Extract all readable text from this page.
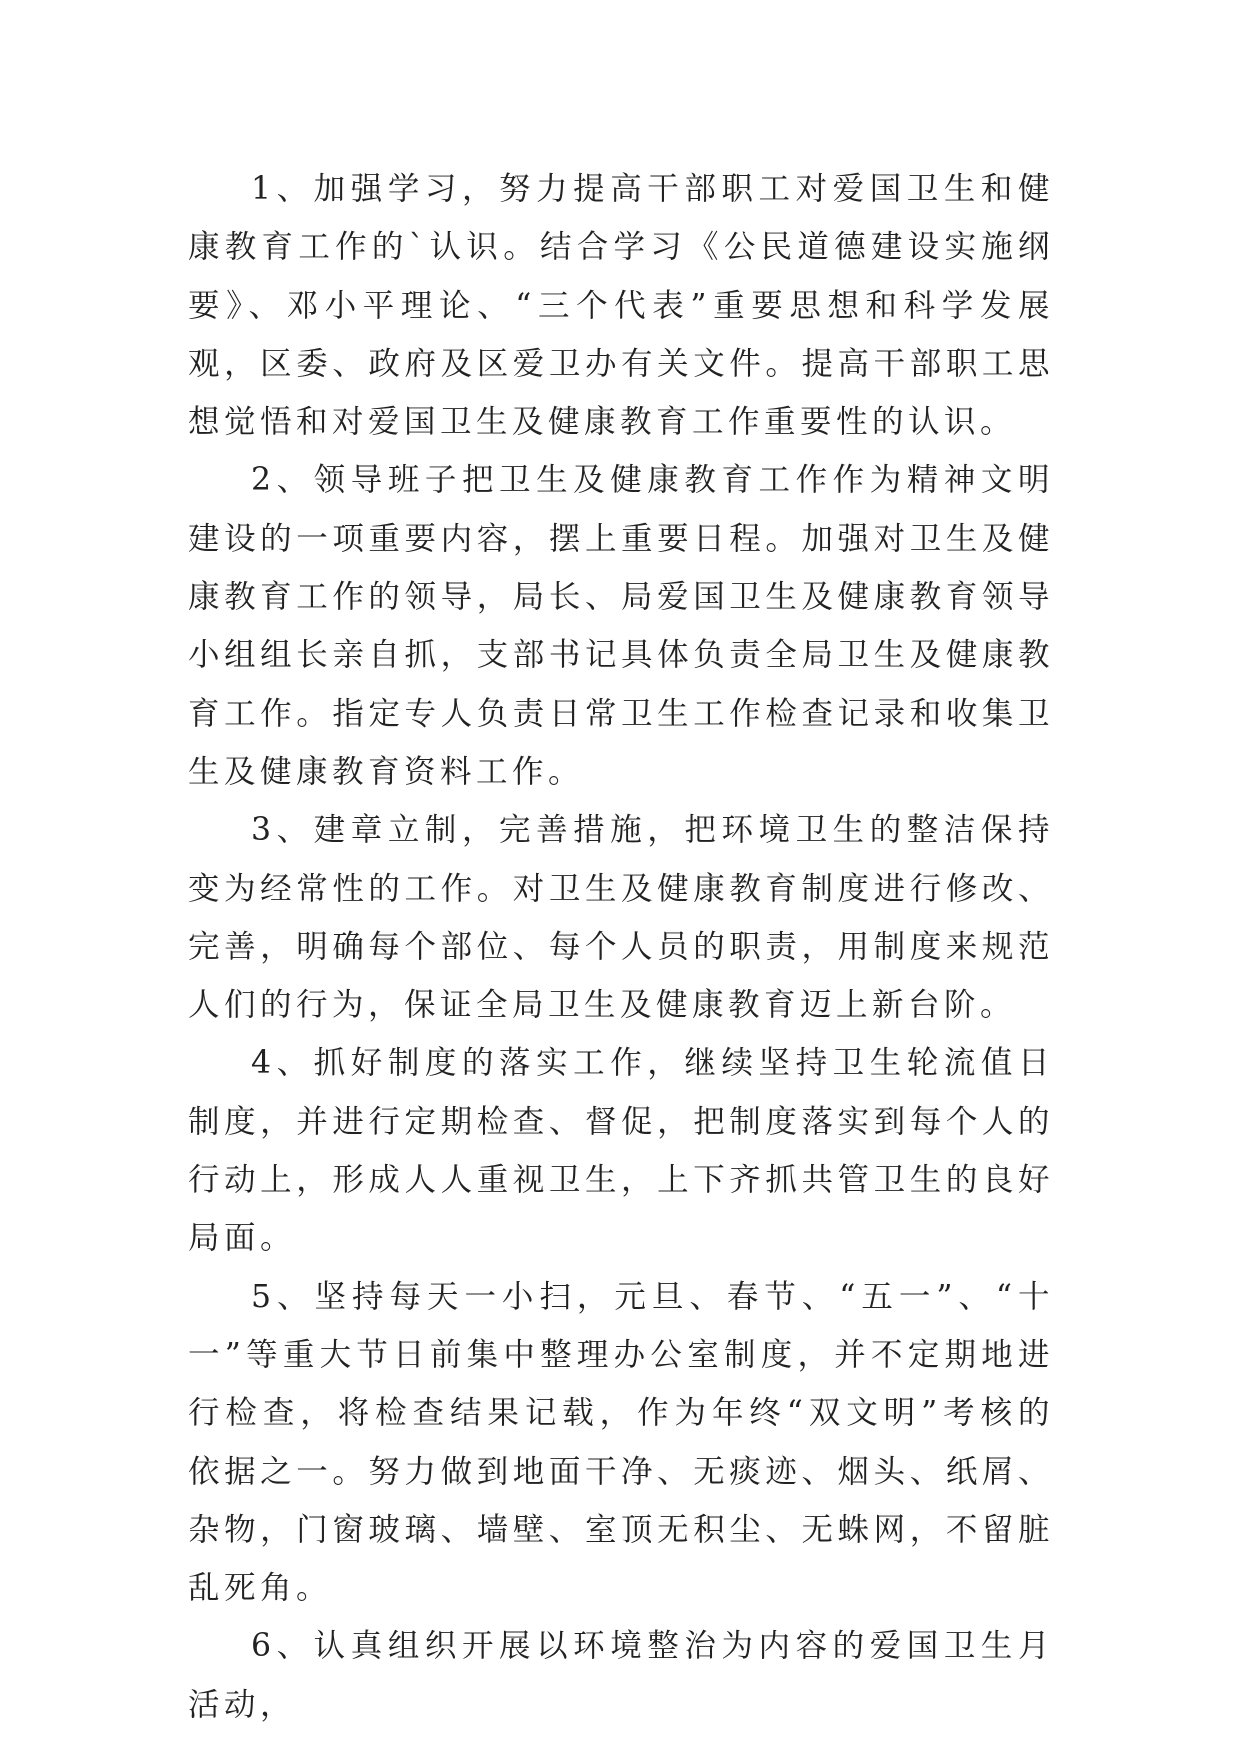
1、加强学习，努力提高干部职工对爱国卫生和健康教育工作的`认识。结合学习《公民道德建设实施纲要》、邓小平理论、“三个代表”重要思想和科学发展观，区委、政府及区爱卫办有关文件。提高干部职工思想觉悟和对爱国卫生及健康教育工作重要性的认识。

2、领导班子把卫生及健康教育工作作为精神文明建设的一项重要内容，摆上重要日程。加强对卫生及健康教育工作的领导，局长、局爱国卫生及健康教育领导小组组长亲自抓，支部书记具体负责全局卫生及健康教育工作。指定专人负责日常卫生工作检查记录和收集卫生及健康教育资料工作。

3、建章立制，完善措施，把环境卫生的整洁保持变为经常性的工作。对卫生及健康教育制度进行修改、完善，明确每个部位、每个人员的职责，用制度来规范人们的行为，保证全局卫生及健康教育迈上新台阶。

4、抓好制度的落实工作，继续坚持卫生轮流值日制度，并进行定期检查、督促，把制度落实到每个人的行动上，形成人人重视卫生，上下齐抓共管卫生的良好局面。

5、坚持每天一小扫，元旦、春节、“五一”、“十一”等重大节日前集中整理办公室制度，并不定期地进行检查，将检查结果记载，作为年终“双文明”考核的依据之一。努力做到地面干净、无痰迹、烟头、纸屑、杂物，门窗玻璃、墙壁、室顶无积尘、无蛛网，不留脏乱死角。

6、认真组织开展以环境整治为内容的爱国卫生月活动，
